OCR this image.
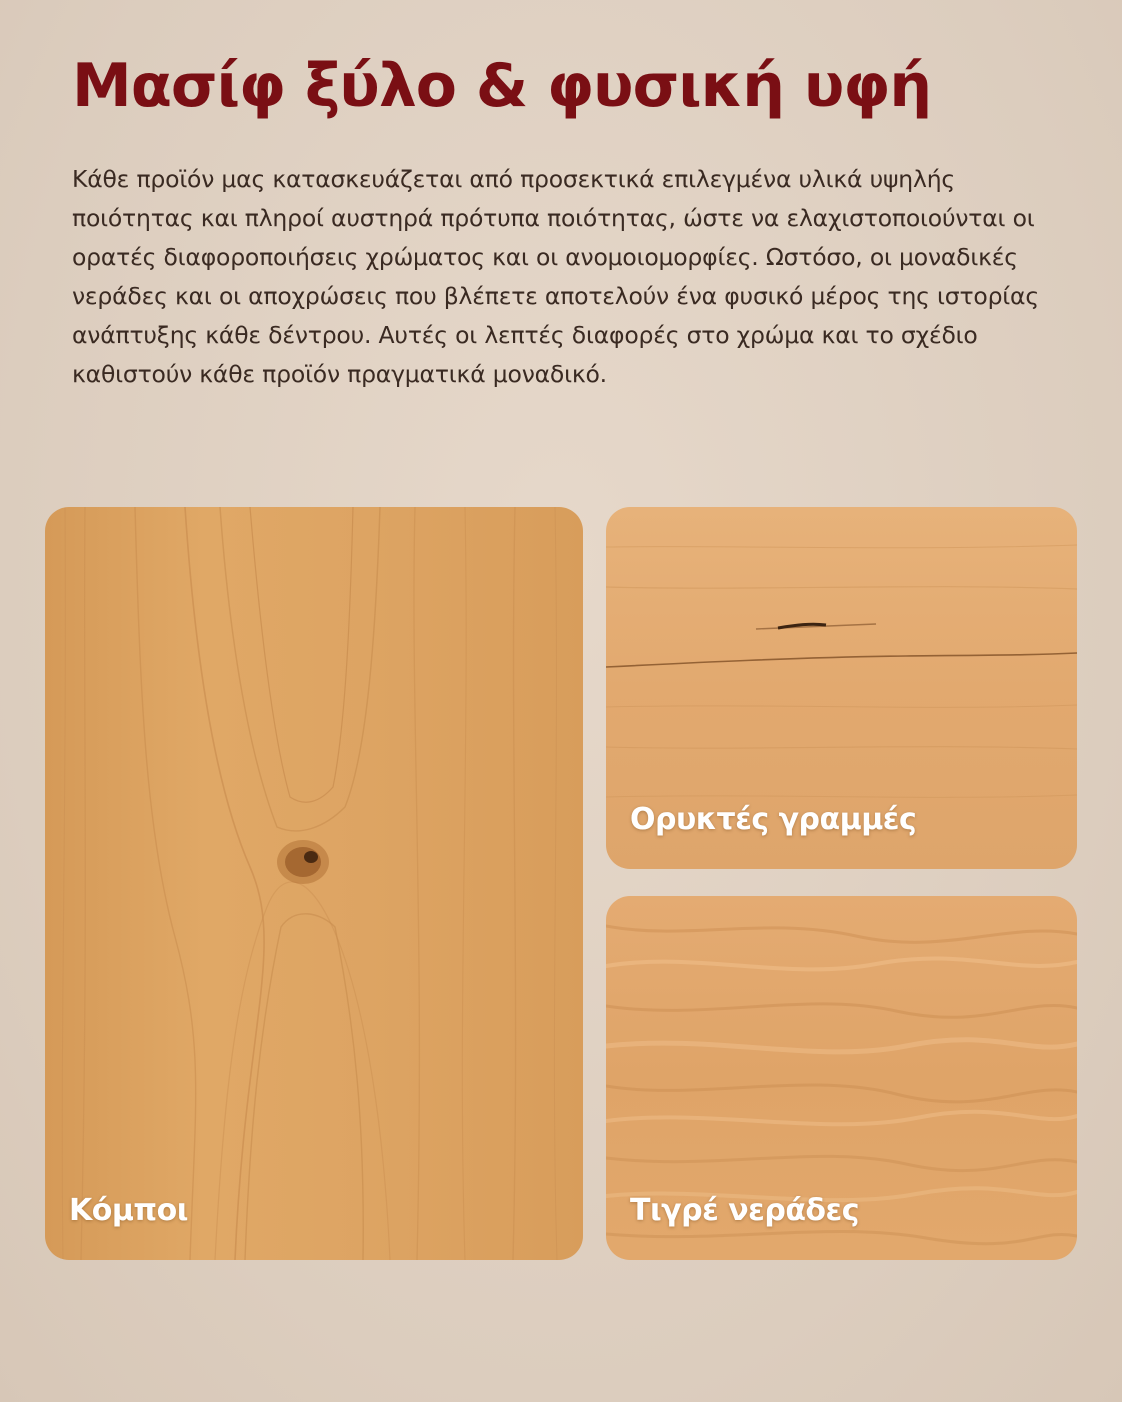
Μασίφ ξύλο & φυσική υφή

Κάθε προϊόν μας κατασκευάζεται από προσεκτικά επιλεγμένα υλικά υψηλής ποιότητας και πληροί αυστηρά πρότυπα ποιότητας, ώστε να ελαχιστοποιούνται οι ορατές διαφοροποιήσεις χρώματος και οι ανομοιομορφίες. Ωστόσο, οι μοναδικές νεράδες και οι αποχρώσεις που βλέπετε αποτελούν ένα φυσικό μέρος της ιστορίας ανάπτυξης κάθε δέντρου. Αυτές οι λεπτές διαφορές στο χρώμα και το σχέδιο καθιστούν κάθε προϊόν πραγματικά μοναδικό.

Κόμποι
Ορυκτές γραμμές
Τιγρέ νεράδες
